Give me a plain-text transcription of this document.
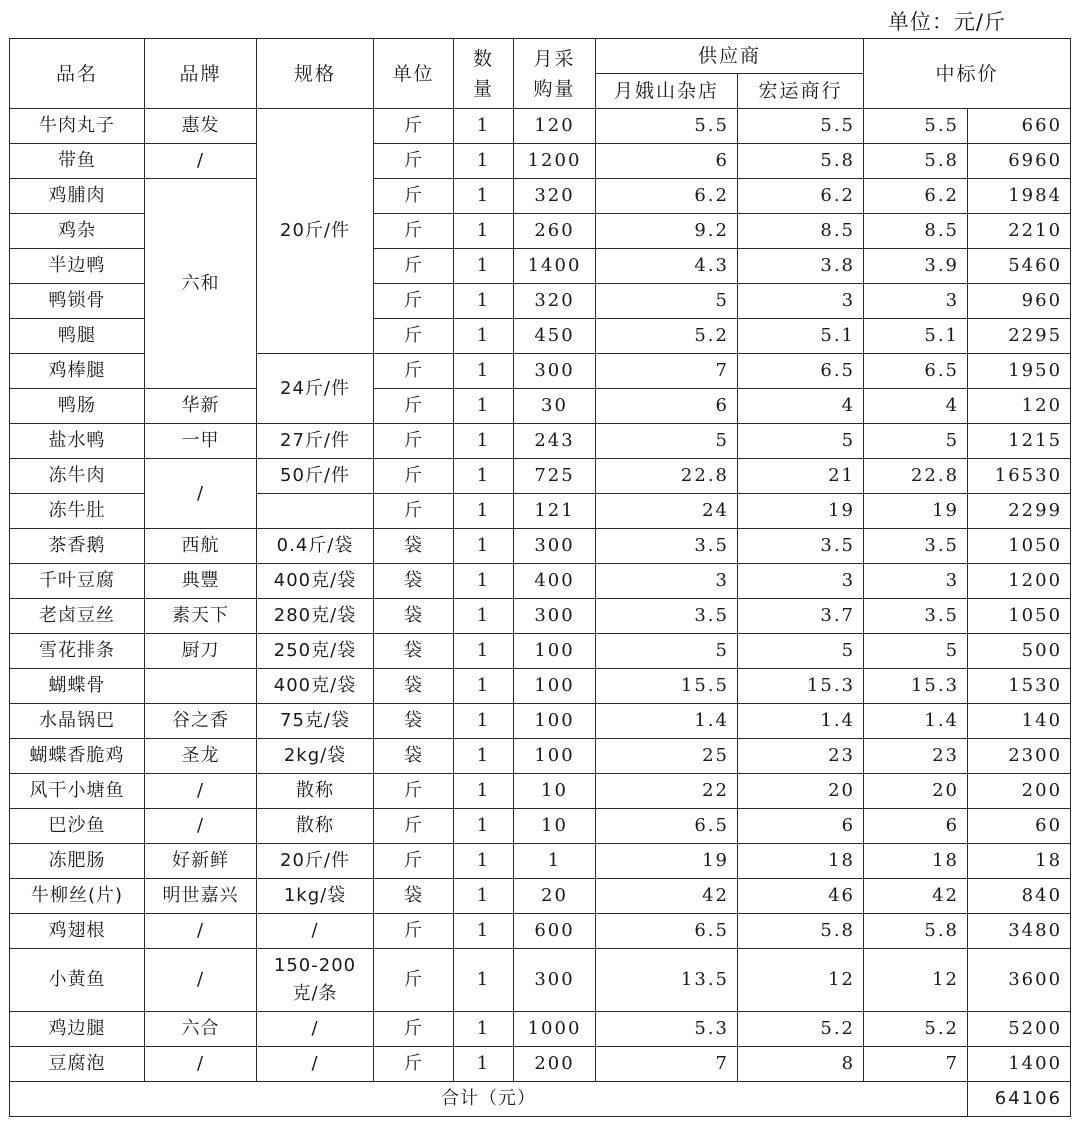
单位：元/斤
品名	品牌	规格	单位	数量	月采购量	供应商		中标价	
						月娥山杂店	宏运商行		
牛肉丸子	惠发	20斤/件	斤	1	120	5.5	5.5	5.5	660
带鱼	/		斤	1	1200	6	5.8	5.8	6960
鸡脯肉	六和		斤	1	320	6.2	6.2	6.2	1984
鸡杂			斤	1	260	9.2	8.5	8.5	2210
半边鸭			斤	1	1400	4.3	3.8	3.9	5460
鸭锁骨			斤	1	320	5	3	3	960
鸭腿			斤	1	450	5.2	5.1	5.1	2295
鸡棒腿		24斤/件	斤	1	300	7	6.5	6.5	1950
鸭肠	华新		斤	1	30	6	4	4	120
盐水鸭	一甲	27斤/件	斤	1	243	5	5	5	1215
冻牛肉	/	50斤/件	斤	1	725	22.8	21	22.8	16530
冻牛肚			斤	1	121	24	19	19	2299
茶香鹅	西航	0.4斤/袋	袋	1	300	3.5	3.5	3.5	1050
千叶豆腐	典豐	400克/袋	袋	1	400	3	3	3	1200
老卤豆丝	素天下	280克/袋	袋	1	300	3.5	3.7	3.5	1050
雪花排条	厨刀	250克/袋	袋	1	100	5	5	5	500
蝴蝶骨		400克/袋	袋	1	100	15.5	15.3	15.3	1530
水晶锅巴	谷之香	75克/袋	袋	1	100	1.4	1.4	1.4	140
蝴蝶香脆鸡	圣龙	2kg/袋	袋	1	100	25	23	23	2300
风干小塘鱼	/	散称	斤	1	10	22	20	20	200
巴沙鱼	/	散称	斤	1	10	6.5	6	6	60
冻肥肠	好新鲜	20斤/件	斤	1	1	19	18	18	18
牛柳丝(片)	明世嘉兴	1kg/袋	袋	1	20	42	46	42	840
鸡翅根	/	/	斤	1	600	6.5	5.8	5.8	3480
小黄鱼	/	150-200克/条	斤	1	300	13.5	12	12	3600
鸡边腿	六合	/	斤	1	1000	5.3	5.2	5.2	5200
豆腐泡	/	/	斤	1	200	7	8	7	1400
合计（元）									64106
